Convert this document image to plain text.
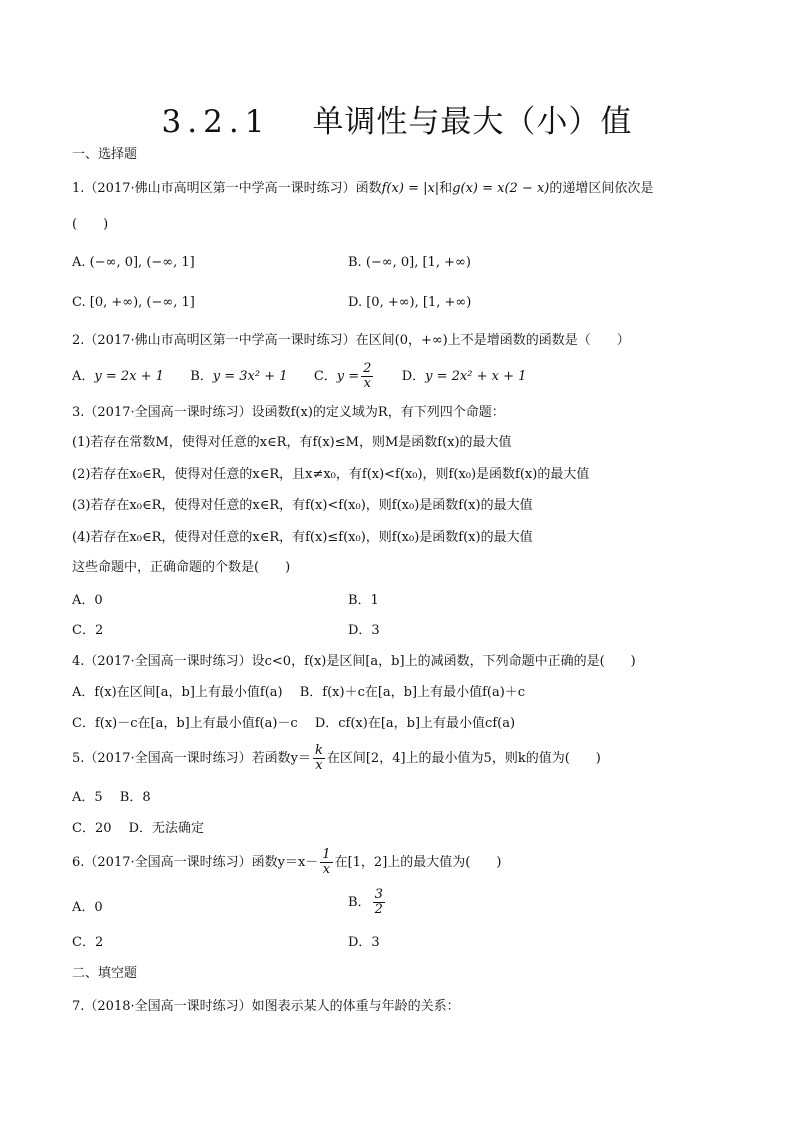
3.2.1 单调性与最大（小）值
一、选择题
1.（2017·佛山市高明区第一中学高一课时练习）函数f(x) = |x|和g(x) = x(2 − x)的递增区间依次是
(　　)
A. (−∞, 0], (−∞, 1]	B. (−∞, 0], [1, +∞)
C. [0, +∞), (−∞, 1]	D. [0, +∞), [1, +∞)
2.（2017·佛山市高明区第一中学高一课时练习）在区间(0，+∞)上不是增函数的函数是（　　）
A．y = 2x + 1 B．y = 3x² + 1 C．$y = \frac{2}{x}$ D．y = 2x² + x + 1
3.（2017·全国高一课时练习）设函数f(x)的定义域为R，有下列四个命题：
(1)若存在常数M，使得对任意的x∈R，有f(x)≤M，则M是函数f(x)的最大值
(2)若存在x₀∈R，使得对任意的x∈R，且x≠x₀，有f(x)<f(x₀)，则f(x₀)是函数f(x)的最大值
(3)若存在x₀∈R，使得对任意的x∈R，有f(x)<f(x₀)，则f(x₀)是函数f(x)的最大值
(4)若存在x₀∈R，使得对任意的x∈R，有f(x)≤f(x₀)，则f(x₀)是函数f(x)的最大值
这些命题中，正确命题的个数是(　　)
A．0	B．1
C．2	D．3
4.（2017·全国高一课时练习）设c<0，f(x)是区间[a，b]上的减函数，下列命题中正确的是(　　)
A．f(x)在区间[a，b]上有最小值f(a)　 B．f(x)＋c在[a，b]上有最小值f(a)＋c
C．f(x)－c在[a，b]上有最小值f(a)－c　 D．cf(x)在[a，b]上有最小值cf(a)
5.（2017·全国高一课时练习）若函数$y= \frac{k}{x}$ 在区间[2，4]上的最小值为5，则k的值为(　　)
A．5　 B．8
C．20　 D．无法确定
6.（2017·全国高一课时练习）函数$y=x- \frac{1}{x}$ 在[1，2]上的最大值为(　　)
A．0	B． $\frac{3}{2}$
C．2	D．3
二、填空题
7.（2018·全国高一课时练习）如图表示某人的体重与年龄的关系：
